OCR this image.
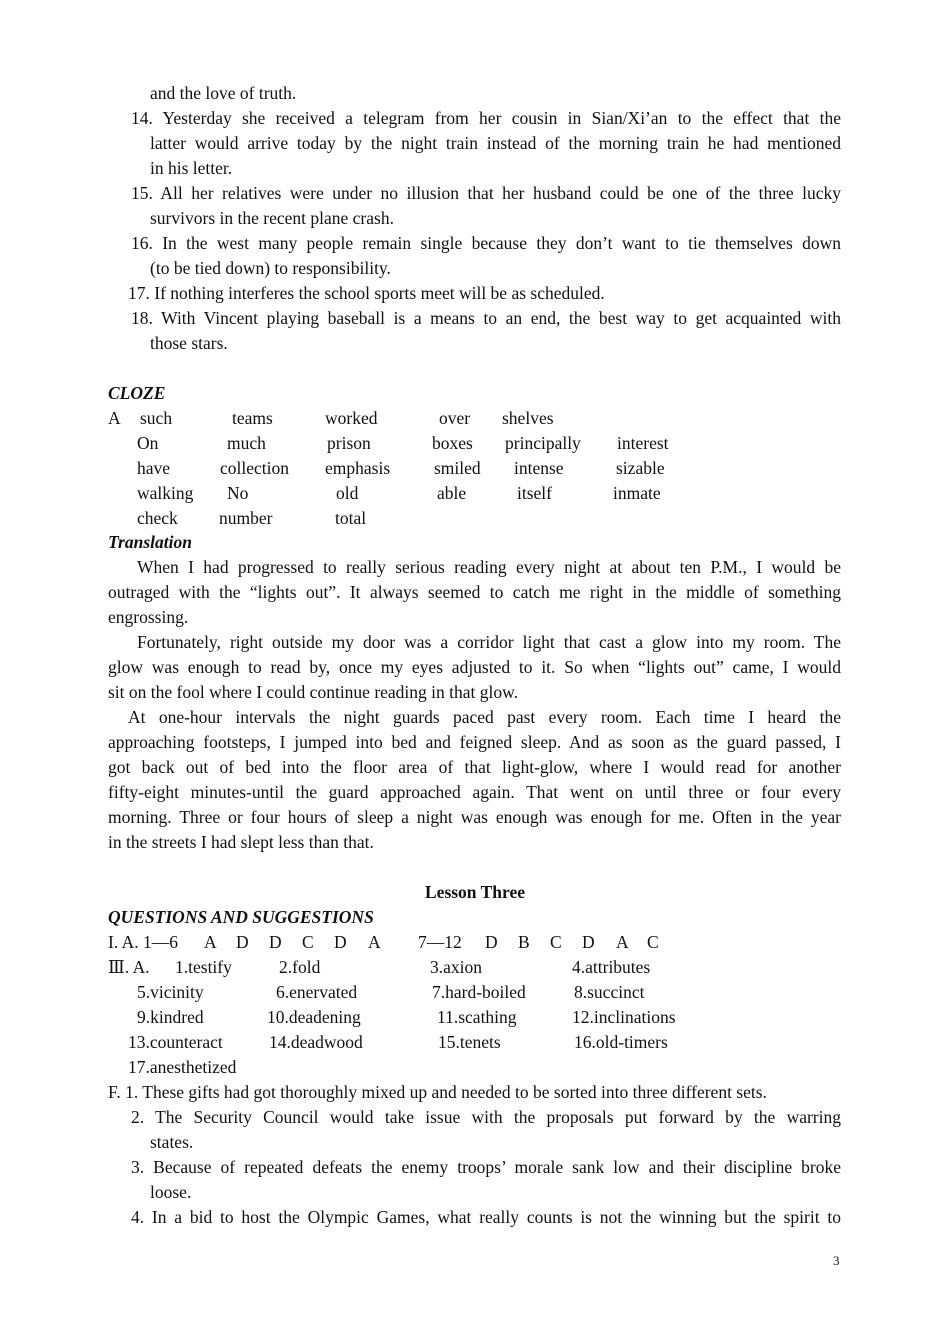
and the love of truth.
14. Yesterday she received a telegram from her cousin in Sian/Xi’an to the effect that the
latter would arrive today by the night train instead of the morning train he had mentioned
in his letter.
15. All her relatives were under no illusion that her husband could be one of the three lucky
survivors in the recent plane crash.
16. In the west many people remain single because they don’t want to tie themselves down
(to be tied down) to responsibility.
17. If nothing interferes the school sports meet will be as scheduled.
18. With Vincent playing baseball is a means to an end, the best way to get acquainted with
those stars.
CLOZE
A such	teams	worked	over shelves
On	much	prison	boxes principally interest
have	collection emphasis	smiled intense	sizable
walking No	old	able	itself	inmate
check number	total
Translation
When I had progressed to really serious reading every night at about ten P.M., I would be
outraged with the “lights out”. It always seemed to catch me right in the middle of something
engrossing.
Fortunately, right outside my door was a corridor light that cast a glow into my room. The
glow was enough to read by, once my eyes adjusted to it. So when “lights out” came, I would
sit on the fool where I could continue reading in that glow.
At one-hour intervals the night guards paced past every room. Each time I heard the
approaching footsteps, I jumped into bed and feigned sleep. And as soon as the guard passed, I
got back out of bed into the floor area of that light-glow, where I would read for another
fifty-eight minutes-until the guard approached again. That went on until three or four every
morning. Three or four hours of sleep a night was enough was enough for me. Often in the year
in the streets I had slept less than that.
Lesson Three
QUESTIONS AND SUGGESTIONS
I. A. 1—6 A D D C D A 7—12 D B C D A C
Ⅲ. A. 1.testify	2.fold	3.axion	4.attributes
5.vicinity	6.enervated	7.hard-boiled	8.succinct
9.kindred	10.deadening	11.scathing	12.inclinations
13.counteract	14.deadwood	15.tenets	16.old-timers
17.anesthetized
F. 1. These gifts had got thoroughly mixed up and needed to be sorted into three different sets.
2. The Security Council would take issue with the proposals put forward by the warring
states.
3. Because of repeated defeats the enemy troops’ morale sank low and their discipline broke
loose.
4. In a bid to host the Olympic Games, what really counts is not the winning but the spirit to
3
